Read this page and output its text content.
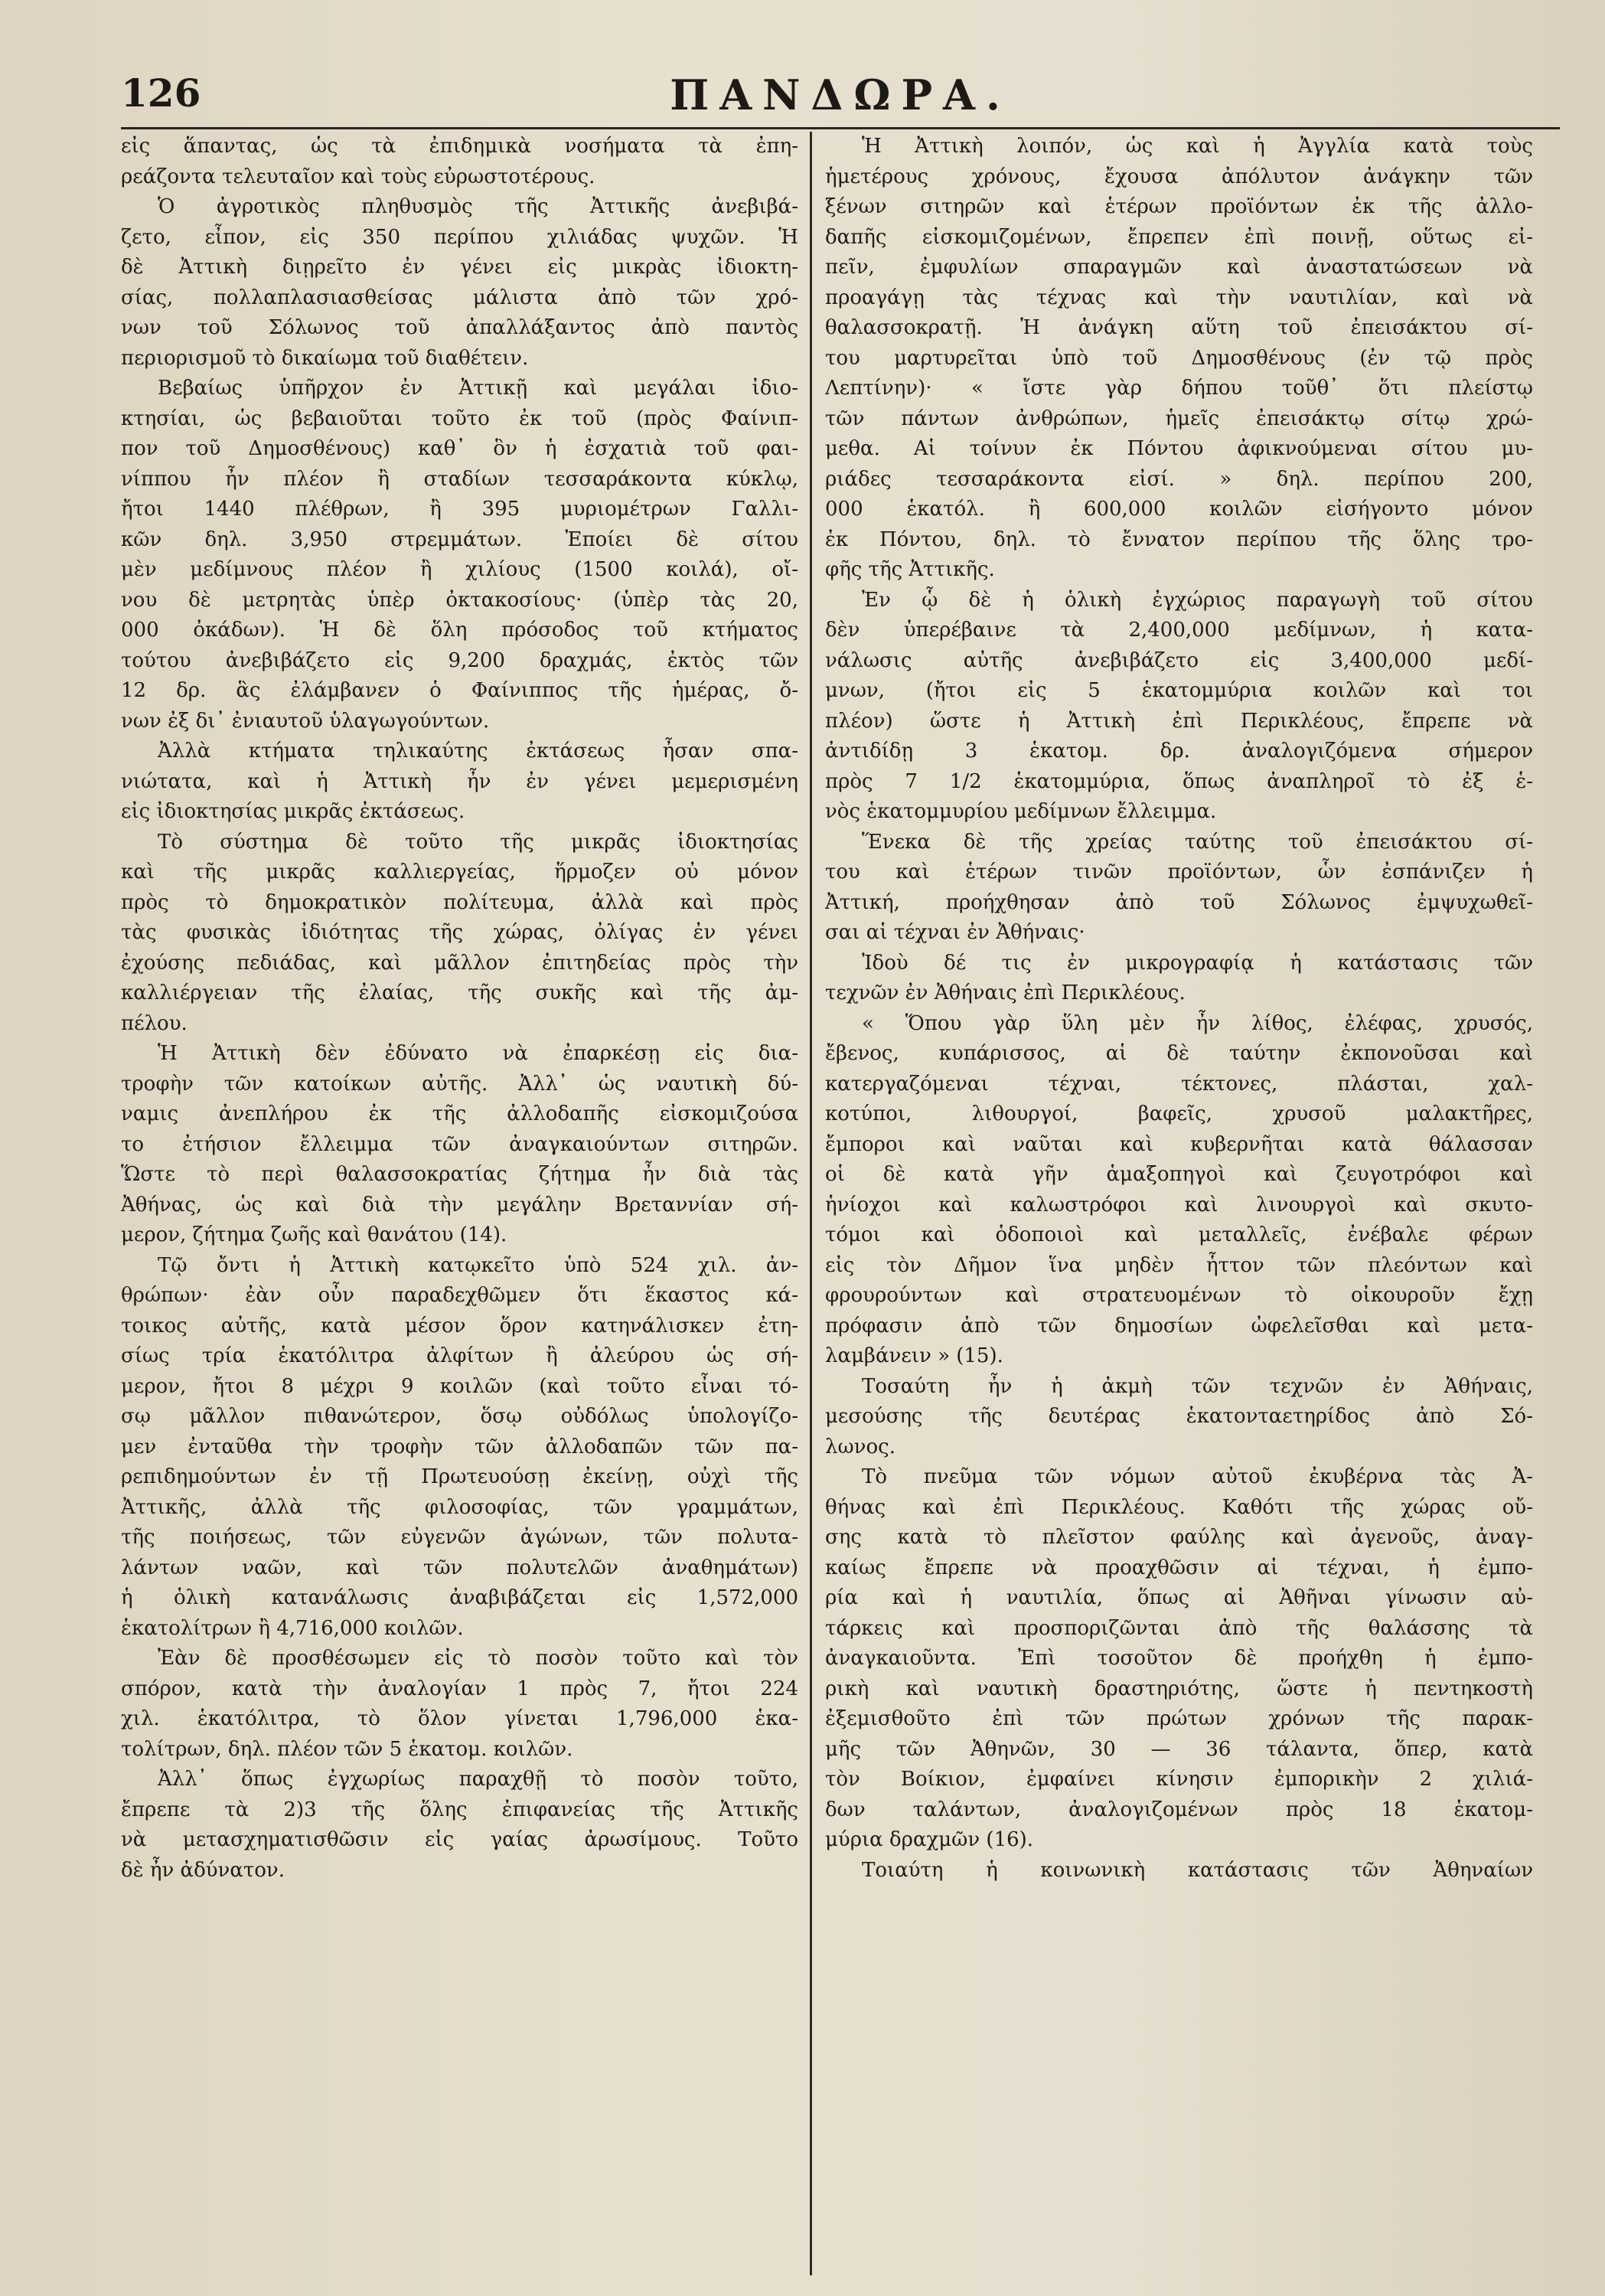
126	ΠΑΝΔΩΡΑ.
εἰς ἅπαντας, ὡς τὰ ἐπιδημικὰ νοσήματα τὰ ἐπη-
ρεάζοντα τελευταῖον καὶ τοὺς εὐρωστοτέρους.
Ὁ ἀγροτικὸς πληθυσμὸς τῆς Ἀττικῆς ἀνεβιβά-
ζετο, εἶπον, εἰς 350 περίπου χιλιάδας ψυχῶν. Ἡ
δὲ Ἀττικὴ διῃρεῖτο ἐν γένει εἰς μικρὰς ἰδιοκτη-
σίας, πολλαπλασιασθείσας μάλιστα ἀπὸ τῶν χρό-
νων τοῦ Σόλωνος τοῦ ἀπαλλάξαντος ἀπὸ παντὸς
περιορισμοῦ τὸ δικαίωμα τοῦ διαθέτειν.
Βεβαίως ὑπῆρχον ἐν Ἀττικῇ καὶ μεγάλαι ἰδιο-
κτησίαι, ὡς βεβαιοῦται τοῦτο ἐκ τοῦ (πρὸς Φαίνιπ-
πον τοῦ Δημοσθένους) καθ᾽ ὃν ἡ ἐσχατιὰ τοῦ φαι-
νίππου ἦν πλέον ἢ σταδίων τεσσαράκοντα κύκλῳ,
ἤτοι 1440 πλέθρων, ἢ 395 μυριομέτρων Γαλλι-
κῶν δηλ. 3,950 στρεμμάτων. Ἐποίει δὲ σίτου
μὲν μεδίμνους πλέον ἢ χιλίους (1500 κοιλά), οἴ-
νου δὲ μετρητὰς ὑπὲρ ὀκτακοσίους· (ὑπὲρ τὰς 20,
000 ὀκάδων). Ἡ δὲ ὅλη πρόσοδος τοῦ κτήματος
τούτου ἀνεβιβάζετο εἰς 9,200 δραχμάς, ἐκτὸς τῶν
12 δρ. ἃς ἐλάμβανεν ὁ Φαίνιππος τῆς ἡμέρας, ὄ-
νων ἐξ δι᾽ ἐνιαυτοῦ ὑλαγωγούντων.
Ἀλλὰ κτήματα τηλικαύτης ἐκτάσεως ἦσαν σπα-
νιώτατα, καὶ ἡ Ἀττικὴ ἦν ἐν γένει μεμερισμένη
εἰς ἰδιοκτησίας μικρᾶς ἐκτάσεως.
Τὸ σύστημα δὲ τοῦτο τῆς μικρᾶς ἰδιοκτησίας
καὶ τῆς μικρᾶς καλλιεργείας, ἥρμοζεν οὐ μόνον
πρὸς τὸ δημοκρατικὸν πολίτευμα, ἀλλὰ καὶ πρὸς
τὰς φυσικὰς ἰδιότητας τῆς χώρας, ὀλίγας ἐν γένει
ἐχούσης πεδιάδας, καὶ μᾶλλον ἐπιτηδείας πρὸς τὴν
καλλιέργειαν τῆς ἐλαίας, τῆς συκῆς καὶ τῆς ἀμ-
πέλου.
Ἡ Ἀττικὴ δὲν ἐδύνατο νὰ ἐπαρκέσῃ εἰς δια-
τροφὴν τῶν κατοίκων αὐτῆς. Ἀλλ᾽ ὡς ναυτικὴ δύ-
ναμις ἀνεπλήρου ἐκ τῆς ἀλλοδαπῆς εἰσκομιζούσα
το ἐτήσιον ἔλλειμμα τῶν ἀναγκαιούντων σιτηρῶν.
Ὥστε τὸ περὶ θαλασσοκρατίας ζήτημα ἦν διὰ τὰς
Ἀθήνας, ὡς καὶ διὰ τὴν μεγάλην Βρεταννίαν σή-
μερον, ζήτημα ζωῆς καὶ θανάτου (14).
Τῷ ὄντι ἡ Ἀττικὴ κατῳκεῖτο ὑπὸ 524 χιλ. ἀν-
θρώπων· ἐὰν οὖν παραδεχθῶμεν ὅτι ἕκαστος κά-
τοικος αὐτῆς, κατὰ μέσον ὅρον κατηνάλισκεν ἐτη-
σίως τρία ἑκατόλιτρα ἀλφίτων ἢ ἀλεύρου ὡς σή-
μερον, ἤτοι 8 μέχρι 9 κοιλῶν (καὶ τοῦτο εἶναι τό-
σῳ μᾶλλον πιθανώτερον, ὅσῳ οὐδόλως ὑπολογίζο-
μεν ἐνταῦθα τὴν τροφὴν τῶν ἀλλοδαπῶν τῶν πα-
ρεπιδημούντων ἐν τῇ Πρωτευούσῃ ἐκείνῃ, οὐχὶ τῆς
Ἀττικῆς, ἀλλὰ τῆς φιλοσοφίας, τῶν γραμμάτων,
τῆς ποιήσεως, τῶν εὐγενῶν ἀγώνων, τῶν πολυτα-
λάντων ναῶν, καὶ τῶν πολυτελῶν ἀναθημάτων)
ἡ ὁλικὴ κατανάλωσις ἀναβιβάζεται εἰς 1,572,000
ἑκατολίτρων ἢ 4,716,000 κοιλῶν.
Ἐὰν δὲ προσθέσωμεν εἰς τὸ ποσὸν τοῦτο καὶ τὸν
σπόρον, κατὰ τὴν ἀναλογίαν 1 πρὸς 7, ἤτοι 224
χιλ. ἑκατόλιτρα, τὸ ὅλον γίνεται 1,796,000 ἑκα-
τολίτρων, δηλ. πλέον τῶν 5 ἑκατομ. κοιλῶν.
Ἀλλ᾽ ὅπως ἐγχωρίως παραχθῇ τὸ ποσὸν τοῦτο,
ἔπρεπε τὰ 2)3 τῆς ὅλης ἐπιφανείας τῆς Ἀττικῆς
νὰ μετασχηματισθῶσιν εἰς γαίας ἀρωσίμους. Τοῦτο
δὲ ἦν ἀδύνατον.
Ἡ Ἀττικὴ λοιπόν, ὡς καὶ ἡ Ἀγγλία κατὰ τοὺς
ἡμετέρους χρόνους, ἔχουσα ἀπόλυτον ἀνάγκην τῶν
ξένων σιτηρῶν καὶ ἑτέρων προϊόντων ἐκ τῆς ἀλλο-
δαπῆς εἰσκομιζομένων, ἔπρεπεν ἐπὶ ποινῇ, οὕτως εἰ-
πεῖν, ἐμφυλίων σπαραγμῶν καὶ ἀναστατώσεων νὰ
προαγάγῃ τὰς τέχνας καὶ τὴν ναυτιλίαν, καὶ νὰ
θαλασσοκρατῇ. Ἡ ἀνάγκη αὕτη τοῦ ἐπεισάκτου σί-
του μαρτυρεῖται ὑπὸ τοῦ Δημοσθένους (ἐν τῷ πρὸς
Λεπτίνην)· « ἴστε γὰρ δήπου τοῦθ᾽ ὅτι πλείστῳ
τῶν πάντων ἀνθρώπων, ἡμεῖς ἐπεισάκτῳ σίτῳ χρώ-
μεθα. Αἱ τοίνυν ἐκ Πόντου ἀφικνούμεναι σίτου μυ-
ριάδες τεσσαράκοντα εἰσί. » δηλ. περίπου 200,
000 ἑκατόλ. ἢ 600,000 κοιλῶν εἰσήγοντο μόνον
ἐκ Πόντου, δηλ. τὸ ἔννατον περίπου τῆς ὅλης τρο-
φῆς τῆς Ἀττικῆς.
Ἐν ᾧ δὲ ἡ ὁλικὴ ἐγχώριος παραγωγὴ τοῦ σίτου
δὲν ὑπερέβαινε τὰ 2,400,000 μεδίμνων, ἡ κατα-
νάλωσις αὐτῆς ἀνεβιβάζετο εἰς 3,400,000 μεδί-
μνων, (ἤτοι εἰς 5 ἑκατομμύρια κοιλῶν καὶ τοι
πλέον) ὥστε ἡ Ἀττικὴ ἐπὶ Περικλέους, ἔπρεπε νὰ
ἀντιδίδῃ 3 ἑκατομ. δρ. ἀναλογιζόμενα σήμερον
πρὸς 7 1/2 ἑκατομμύρια, ὅπως ἀναπληροῖ τὸ ἐξ ἑ-
νὸς ἑκατομμυρίου μεδίμνων ἔλλειμμα.
Ἕνεκα δὲ τῆς χρείας ταύτης τοῦ ἐπεισάκτου σί-
του καὶ ἑτέρων τινῶν προϊόντων, ὧν ἐσπάνιζεν ἡ
Ἀττική, προήχθησαν ἀπὸ τοῦ Σόλωνος ἐμψυχωθεῖ-
σαι αἱ τέχναι ἐν Ἀθήναις·
Ἰδοὺ δέ τις ἐν μικρογραφίᾳ ἡ κατάστασις τῶν
τεχνῶν ἐν Ἀθήναις ἐπὶ Περικλέους.
« Ὅπου γὰρ ὕλη μὲν ἦν λίθος, ἐλέφας, χρυσός,
ἔβενος, κυπάρισσος, αἱ δὲ ταύτην ἐκπονοῦσαι καὶ
κατεργαζόμεναι τέχναι, τέκτονες, πλάσται, χαλ-
κοτύποι, λιθουργοί, βαφεῖς, χρυσοῦ μαλακτῆρες,
ἔμποροι καὶ ναῦται καὶ κυβερνῆται κατὰ θάλασσαν
οἱ δὲ κατὰ γῆν ἁμαξοπηγοὶ καὶ ζευγοτρόφοι καὶ
ἡνίοχοι καὶ καλωστρόφοι καὶ λινουργοὶ καὶ σκυτο-
τόμοι καὶ ὁδοποιοὶ καὶ μεταλλεῖς, ἐνέβαλε φέρων
εἰς τὸν Δῆμον ἵνα μηδὲν ἧττον τῶν πλεόντων καὶ
φρουρούντων καὶ στρατευομένων τὸ οἰκουροῦν ἔχῃ
πρόφασιν ἀπὸ τῶν δημοσίων ὠφελεῖσθαι καὶ μετα-
λαμβάνειν » (15).
Τοσαύτη ἦν ἡ ἀκμὴ τῶν τεχνῶν ἐν Ἀθήναις,
μεσούσης τῆς δευτέρας ἑκατονταετηρίδος ἀπὸ Σό-
λωνος.
Τὸ πνεῦμα τῶν νόμων αὐτοῦ ἐκυβέρνα τὰς Ἀ-
θήνας καὶ ἐπὶ Περικλέους. Καθότι τῆς χώρας οὔ-
σης κατὰ τὸ πλεῖστον φαύλης καὶ ἀγενοῦς, ἀναγ-
καίως ἔπρεπε νὰ προαχθῶσιν αἱ τέχναι, ἡ ἐμπο-
ρία καὶ ἡ ναυτιλία, ὅπως αἱ Ἀθῆναι γίνωσιν αὐ-
τάρκεις καὶ προσποριζῶνται ἀπὸ τῆς θαλάσσης τὰ
ἀναγκαιοῦντα. Ἐπὶ τοσοῦτον δὲ προήχθη ἡ ἐμπο-
ρικὴ καὶ ναυτικὴ δραστηριότης, ὥστε ἡ πεντηκοστὴ
ἐξεμισθοῦτο ἐπὶ τῶν πρώτων χρόνων τῆς παρακ-
μῆς τῶν Ἀθηνῶν, 30 — 36 τάλαντα, ὅπερ, κατὰ
τὸν Βοίκιον, ἐμφαίνει κίνησιν ἐμπορικὴν 2 χιλιά-
δων ταλάντων, ἀναλογιζομένων πρὸς 18 ἑκατομ-
μύρια δραχμῶν (16).
Τοιαύτη ἡ κοινωνικὴ κατάστασις τῶν Ἀθηναίων
